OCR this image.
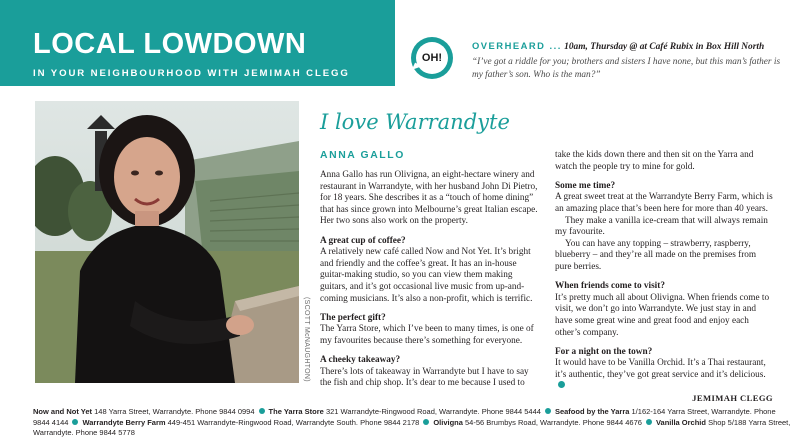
LOCAL LOWDOWN
IN YOUR NEIGHBOURHOOD WITH JEMIMAH CLEGG
OH!
OVERHEARD ... 10am, Thursday @ at Café Rubix in Box Hill North
“I’ve got a riddle for you; brothers and sisters I have none, but this man’s father is my father’s son. Who is the man?”
(SCOTT McNAUGHTON)
I love Warrandyte
ANNA GALLO

Anna Gallo has run Olivigna, an eight-hectare winery and restaurant in Warrandyte, with her husband John Di Pietro, for 18 years. She describes it as a “touch of home dining” that has since grown into Melbourne’s great Italian escape. Her two sons also work on the property.

A great cup of coffee?

A relatively new café called Now and Not Yet. It’s bright and friendly and the coffee’s great. It has an in-house guitar-making studio, so you can view them making guitars, and it’s got occasional live music from up-and-coming musicians. It’s also a non-profit, which is terrific.

The perfect gift?

The Yarra Store, which I’ve been to many times, is one of my favourites because there’s something for everyone.

A cheeky takeaway?

There’s lots of takeaway in Warrandyte but I have to say the fish and chip shop. It’s dear to me because I used to

take the kids down there and then sit on the Yarra and watch the people try to mine for gold.

Some me time?

A great sweet treat at the Warrandyte Berry Farm, which is an amazing place that’s been here for more than 40 years.

They make a vanilla ice-cream that will always remain my favourite.

You can have any topping – strawberry, raspberry, blueberry – and they’re all made on the premises from pure berries.

When friends come to visit?

It’s pretty much all about Olivigna. When friends come to visit, we don’t go into Warrandyte. We just stay in and have some great wine and great food and enjoy each other’s company.

For a night on the town?

It would have to be Vanilla Orchid. It’s a Thai restaurant, it’s authentic, they’ve got great service and it’s delicious.

JEMIMAH CLEGG

Now and Not Yet 148 Yarra Street, Warrandyte. Phone 9844 0994 The Yarra Store 321 Warrandyte-Ringwood Road, Warrandyte. Phone 9844 5444 Seafood by the Yarra 1/162-164 Yarra Street, Warrandyte. Phone 9844 4144 Warrandyte Berry Farm 449-451 Warrandyte-Ringwood Road, Warrandyte South. Phone 9844 2178 Olivigna 54-56 Brumbys Road, Warrandyte. Phone 9844 4676 Vanilla Orchid Shop 5/188 Yarra Street, Warrandyte. Phone 9844 5778
